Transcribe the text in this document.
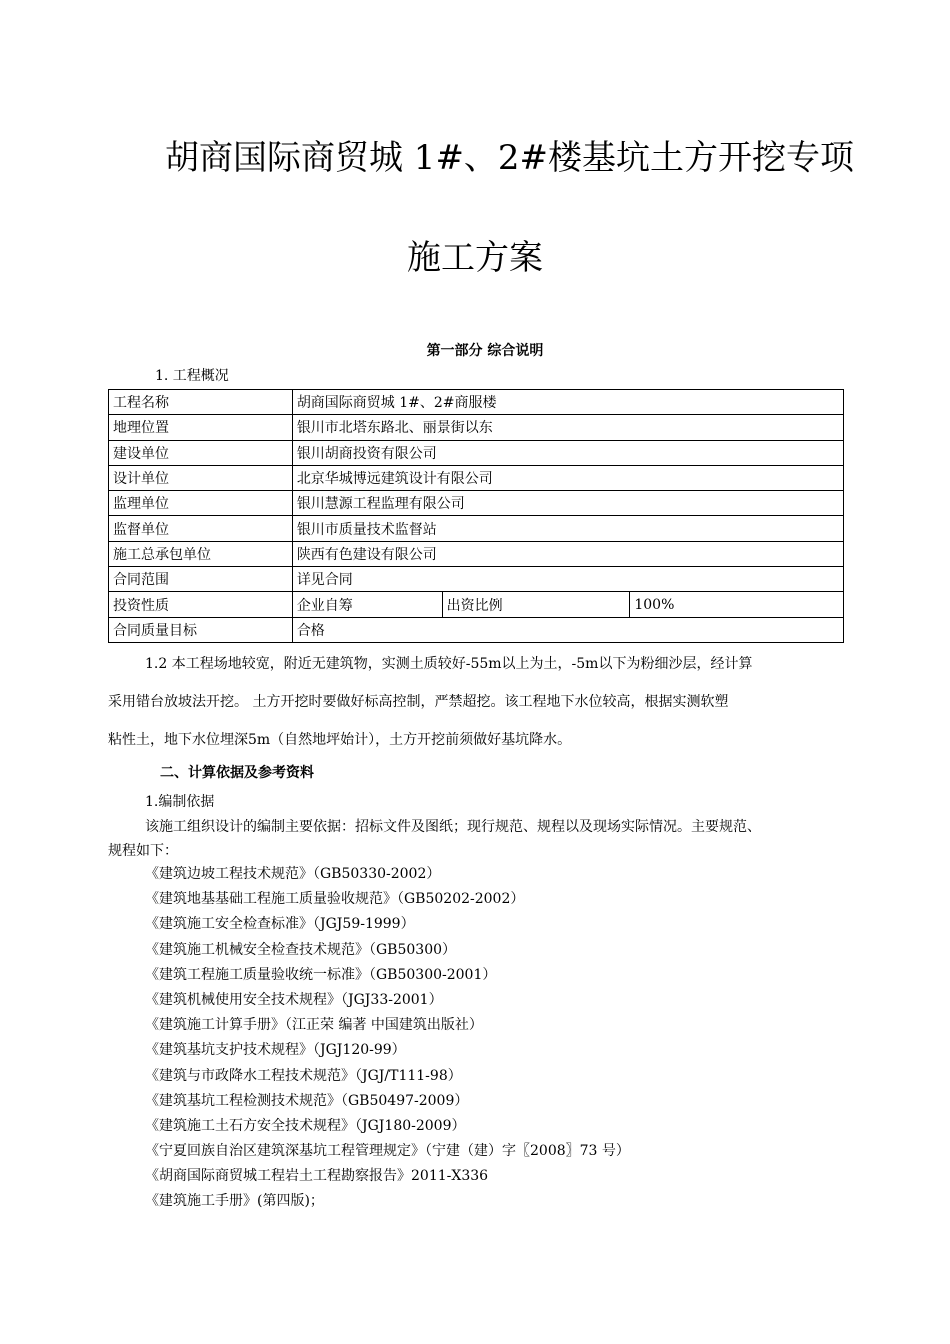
胡商国际商贸城 1#、2#楼基坑土方开挖专项
施工方案
第一部分 综合说明
1. 工程概况
工程名称	胡商国际商贸城 1#、2#商服楼		
地理位置	银川市北塔东路北、丽景街以东		
建设单位	银川胡商投资有限公司		
设计单位	北京华城博远建筑设计有限公司		
监理单位	银川慧源工程监理有限公司		
监督单位	银川市质量技术监督站		
施工总承包单位	陕西有色建设有限公司		
合同范围	详见合同		
投资性质	企业自筹	出资比例	100%
合同质量目标	合格		
1.2 本工程场地较宽，附近无建筑物，实测土质较好-55m以上为土，-5m以下为粉细沙层，经计算
采用错台放坡法开挖。 土方开挖时要做好标高控制，严禁超挖。该工程地下水位较高，根据实测软塑
粘性土，地下水位埋深5m（自然地坪始计），土方开挖前须做好基坑降水。
二、计算依据及参考资料
1.编制依据
该施工组织设计的编制主要依据：招标文件及图纸；现行规范、规程以及现场实际情况。主要规范、
规程如下：
《建筑边坡工程技术规范》（GB50330-2002）
《建筑地基基础工程施工质量验收规范》（GB50202-2002）
《建筑施工安全检查标准》（JGJ59-1999）
《建筑施工机械安全检查技术规范》（GB50300）
《建筑工程施工质量验收统一标准》（GB50300-2001）
《建筑机械使用安全技术规程》（JGJ33-2001）
《建筑施工计算手册》（江正荣 编著 中国建筑出版社）
《建筑基坑支护技术规程》（JGJ120-99）
《建筑与市政降水工程技术规范》（JGJ/T111-98）
《建筑基坑工程检测技术规范》（GB50497-2009）
《建筑施工土石方安全技术规程》（JGJ180-2009）
《宁夏回族自治区建筑深基坑工程管理规定》（宁建（建）字〖2008〗73 号）
《胡商国际商贸城工程岩土工程勘察报告》2011-X336
《建筑施工手册》(第四版)；
